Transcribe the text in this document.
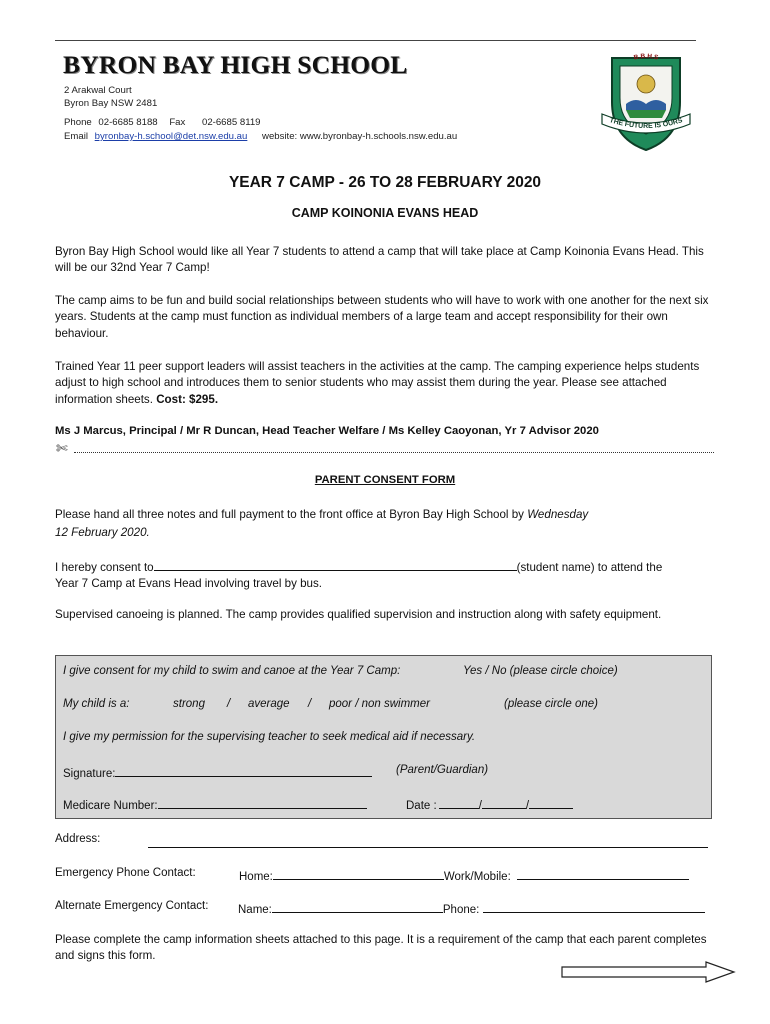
BYRON BAY HIGH SCHOOL
2 Arakwal Court
Byron Bay NSW 2481
Phone 02-6685 8188 Fax 02-6685 8119
Email byronbay-h.school@det.nsw.edu.au website: www.byronbay-h.schools.nsw.edu.au
B.B.H.S
THE FUTURE IS OURS
YEAR 7 CAMP - 26 TO 28 FEBRUARY 2020
CAMP KOINONIA EVANS HEAD
Byron Bay High School would like all Year 7 students to attend a camp that will take place at Camp Koinonia Evans Head. This will be our 32nd Year 7 Camp!
The camp aims to be fun and build social relationships between students who will have to work with one another for the next six years. Students at the camp must function as individual members of a large team and accept responsibility for their own behaviour.
Trained Year 11 peer support leaders will assist teachers in the activities at the camp. The camping experience helps students adjust to high school and introduces them to senior students who may assist them during the year. Please see attached information sheets. Cost: $295.
Ms J Marcus, Principal / Mr R Duncan, Head Teacher Welfare / Ms Kelley Caoyonan, Yr 7 Advisor 2020
✄
PARENT CONSENT FORM
Please hand all three notes and full payment to the front office at Byron Bay High School by Wednesday
12 February 2020.
I hereby consent to	(student name) to attend the
Year 7 Camp at Evans Head involving travel by bus.
Supervised canoeing is planned. The camp provides qualified supervision and instruction along with safety equipment.
I give consent for my child to swim and canoe at the Year 7 Camp:	Yes / No (please circle choice)
My child is a:	strong / average / poor / non swimmer	(please circle one)
I give my permission for the supervising teacher to seek medical aid if necessary.
Signature:	(Parent/Guardian)
Medicare Number:	Date :	/	/
Address:
Emergency Phone Contact:	Home:	Work/Mobile:
Alternate Emergency Contact:	Name:	Phone:
Please complete the camp information sheets attached to this page. It is a requirement of the camp that each parent completes and signs this form.
